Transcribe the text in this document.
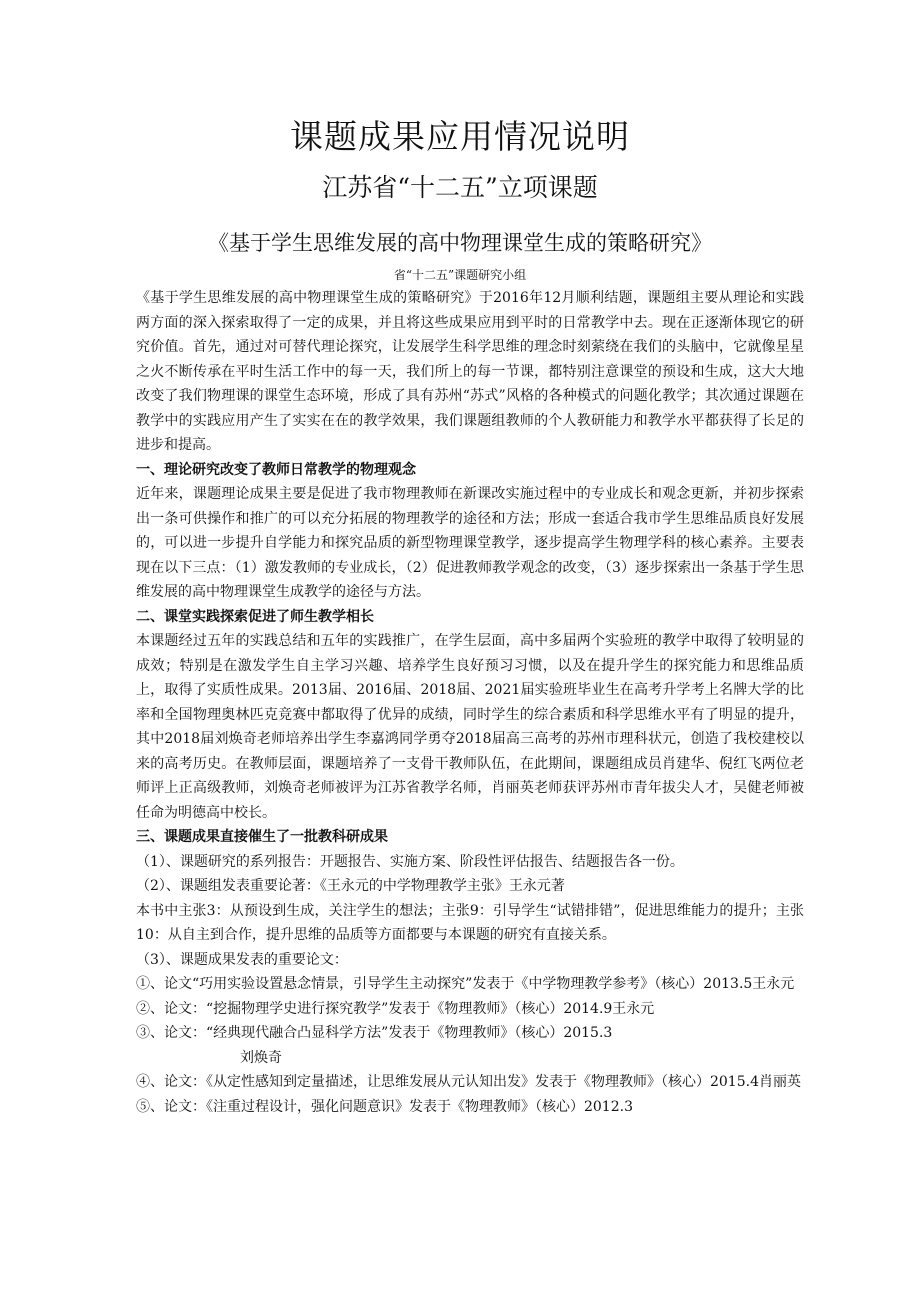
课题成果应用情况说明
江苏省“十二五”立项课题
《基于学生思维发展的高中物理课堂生成的策略研究》
省“十二五”课题研究小组

《基于学生思维发展的高中物理课堂生成的策略研究》于2016年12月顺利结题，课题组主要从理论和实践两方面的深入探索取得了一定的成果，并且将这些成果应用到平时的日常教学中去。现在正逐渐体现它的研究价值。首先，通过对可替代理论探究，让发展学生科学思维的理念时刻萦绕在我们的头脑中，它就像星星之火不断传承在平时生活工作中的每一天，我们所上的每一节课，都特别注意课堂的预设和生成，这大大地改变了我们物理课的课堂生态环境，形成了具有苏州“苏式”风格的各种模式的问题化教学；其次通过课题在教学中的实践应用产生了实实在在的教学效果，我们课题组教师的个人教研能力和教学水平都获得了长足的进步和提高。

一、理论研究改变了教师日常教学的物理观念

近年来，课题理论成果主要是促进了我市物理教师在新课改实施过程中的专业成长和观念更新，并初步探索出一条可供操作和推广的可以充分拓展的物理教学的途径和方法；形成一套适合我市学生思维品质良好发展的，可以进一步提升自学能力和探究品质的新型物理课堂教学，逐步提高学生物理学科的核心素养。主要表现在以下三点：（1）激发教师的专业成长，（2）促进教师教学观念的改变，（3）逐步探索出一条基于学生思维发展的高中物理课堂生成教学的途径与方法。

二、课堂实践探索促进了师生教学相长

本课题经过五年的实践总结和五年的实践推广，在学生层面，高中多届两个实验班的教学中取得了较明显的成效；特别是在激发学生自主学习兴趣、培养学生良好预习习惯，以及在提升学生的探究能力和思维品质上，取得了实质性成果。2013届、2016届、2018届、2021届实验班毕业生在高考升学考上名牌大学的比率和全国物理奥林匹克竞赛中都取得了优异的成绩，同时学生的综合素质和科学思维水平有了明显的提升，其中2018届刘焕奇老师培养出学生李嘉鸿同学勇夺2018届高三高考的苏州市理科状元，创造了我校建校以来的高考历史。在教师层面，课题培养了一支骨干教师队伍，在此期间，课题组成员肖建华、倪红飞两位老师评上正高级教师，刘焕奇老师被评为江苏省教学名师，肖丽英老师获评苏州市青年拔尖人才，吴健老师被任命为明德高中校长。

三、课题成果直接催生了一批教科研成果

（1）、课题研究的系列报告：开题报告、实施方案、阶段性评估报告、结题报告各一份。

（2）、课题组发表重要论著：《王永元的中学物理教学主张》王永元著

本书中主张3：从预设到生成，关注学生的想法；主张9：引导学生“试错排错”，促进思维能力的提升；主张10：从自主到合作，提升思维的品质等方面都要与本课题的研究有直接关系。

（3）、课题成果发表的重要论文：

①、论文“巧用实验设置悬念情景，引导学生主动探究”发表于《中学物理教学参考》（核心）2013.5王永元

②、论文：“挖掘物理学史进行探究教学”发表于《物理教师》（核心）2014.9王永元

③、论文：“经典现代融合凸显科学方法”发表于《物理教师》（核心）2015.3

刘焕奇

④、论文：《从定性感知到定量描述，让思维发展从元认知出发》发表于《物理教师》（核心）2015.4肖丽英

⑤、论文：《注重过程设计，强化问题意识》发表于《物理教师》（核心）2012.3
